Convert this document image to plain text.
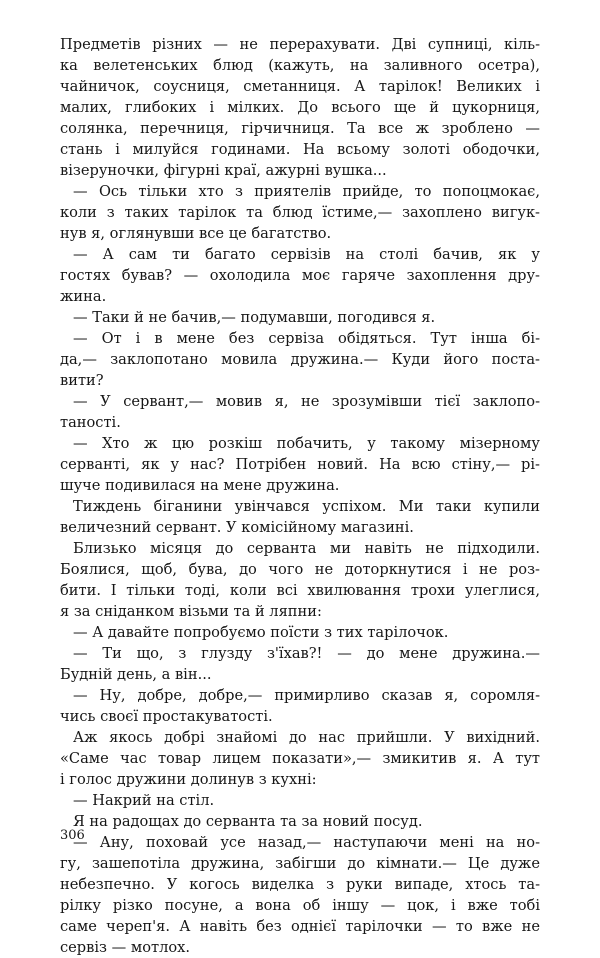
Предметів різних — не перерахувати. Дві супниці, кіль-
ка велетенських блюд (кажуть, на заливного осетра),
чайничок, соусниця, сметанниця. А тарілок! Великих і
малих, глибоких і мілких. До всього ще й цукорниця,
солянка, перечниця, гірчичниця. Та все ж зроблено —
стань і милуйся годинами. На всьому золоті ободочки,
візеруночки, фігурні краї, ажурні вушка...
— Ось тільки хто з приятелів прийде, то попоцмокає,
коли з таких тарілок та блюд їстиме,— захоплено вигук-
нув я, оглянувши все це багатство.
— А сам ти багато сервізів на столі бачив, як у
гостях бував? — охолодила моє гаряче захоплення дру-
жина.
— Таки й не бачив,— подумавши, погодився я.
— От і в мене без сервіза обідяться. Тут інша бі-
да,— заклопотано мовила дружина.— Куди його поста-
вити?
— У сервант,— мовив я, не зрозумівши тієї заклопо-
таності.
— Хто ж цю розкіш побачить, у такому мізерному
серванті, як у нас? Потрібен новий. На всю стіну,— рі-
шуче подивилася на мене дружина.
Тиждень біганини увінчався успіхом. Ми таки купили
величезний сервант. У комісійному магазині.
Близько місяця до серванта ми навіть не підходили.
Боялися, щоб, бува, до чого не доторкнутися і не роз-
бити. І тільки тоді, коли всі хвилювання трохи улеглися,
я за сніданком візьми та й ляпни:
— А давайте попробуємо поїсти з тих тарілочок.
— Ти що, з глузду з'їхав?! — до мене дружина.—
Будній день, а він...
— Ну, добре, добре,— примирливо сказав я, соромля-
чись своєї простакуватості.
Аж якось добрі знайомі до нас прийшли. У вихідний.
«Саме час товар лицем показати»,— змикитив я. А тут
і голос дружини долинув з кухні:
— Накрий на стіл.
Я на радощах до серванта та за новий посуд.
— Ану, поховай усе назад,— наступаючи мені на но-
гу, зашепотіла дружина, забігши до кімнати.— Це дуже
небезпечно. У когось виделка з руки випаде, хтось та-
рілку різко посуне, а вона об іншу — цок, і вже тобі
саме череп'я. А навіть без однієї тарілочки — то вже не
сервіз — мотлох.
306
